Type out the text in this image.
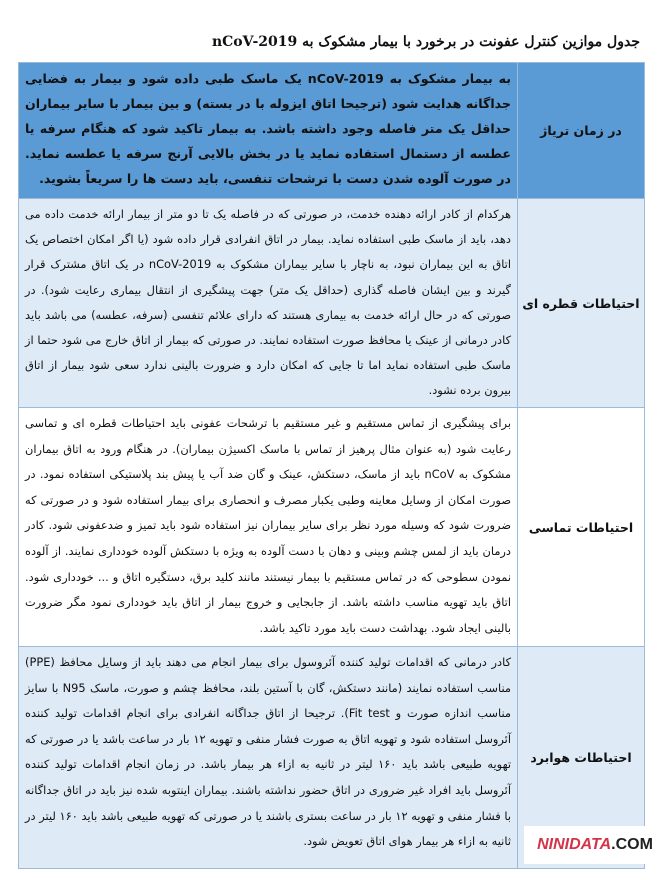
جدول موازین کنترل عفونت در برخورد با بیمار مشکوک به nCoV-2019
در زمان تریاژ	به بیمار مشکوک به nCoV-2019 یک ماسک طبی داده شود و بیمار به فضایی جداگانه هدایت شود (ترجیحا اتاق ایزوله با در بسته) و بین بیمار با سایر بیماران حداقل یک متر فاصله وجود داشته باشد. به بیمار تاکید شود که هنگام سرفه یا عطسه از دستمال استفاده نماید یا در بخش بالایی آرنج سرفه یا عطسه نماید. در صورت آلوده شدن دست با ترشحات تنفسی، باید دست ها را سریعاً بشوید.
احتیاطات قطره ای	هرکدام از کادر ارائه دهنده خدمت، در صورتی که در فاصله یک تا دو متر از بیمار ارائه خدمت داده می دهد، باید از ماسک طبی استفاده نماید. بیمار در اتاق انفرادی قرار داده شود (یا اگر امکان اختصاص یک اتاق به این بیماران نبود، به ناچار با سایر بیماران مشکوک به nCoV-2019 در یک اتاق مشترک قرار گیرند و بین ایشان فاصله گذاری (حداقل یک متر) جهت پیشگیری از انتقال بیماری رعایت شود). در صورتی که در حال ارائه خدمت به بیماری هستند که دارای علائم تنفسی (سرفه، عطسه) می باشد باید کادر درمانی از عینک یا محافظ صورت استفاده نمایند. در صورتی که بیمار از اتاق خارج می شود حتما از ماسک طبی استفاده نماید اما تا جایی که امکان دارد و ضرورت بالینی ندارد سعی شود بیمار از اتاق بیرون برده نشود.
احتیاطات تماسی	برای پیشگیری از تماس مستقیم و غیر مستقیم با ترشحات عفونی باید احتیاطات قطره ای و تماسی رعایت شود (به عنوان مثال پرهیز از تماس با ماسک اکسیژن بیماران). در هنگام ورود به اتاق بیماران مشکوک به nCoV باید از ماسک، دستکش، عینک و گان ضد آب یا پیش بند پلاستیکی استفاده نمود. در صورت امکان از وسایل معاینه وطبی یکبار مصرف و انحصاری برای بیمار استفاده شود و در صورتی که ضرورت شود که وسیله مورد نظر برای سایر بیماران نیز استفاده شود باید تمیز و ضدعفونی شود. کادر درمان باید از لمس چشم وبینی و دهان با دست آلوده به ویژه با دستکش آلوده خودداری نمایند. از آلوده نمودن سطوحی که در تماس مستقیم با بیمار نیستند مانند کلید برق، دستگیره اتاق و ... خودداری شود. اتاق باید تهویه مناسب داشته باشد. از جابجایی و خروج بیمار از اتاق باید خودداری نمود مگر ضرورت بالینی ایجاد شود. بهداشت دست باید مورد تاکید باشد.
احتیاطات هوابرد	کادر درمانی که اقدامات تولید کننده آئروسول برای بیمار انجام می دهند باید از وسایل محافظ (PPE) مناسب استفاده نمایند (مانند دستکش، گان با آستین بلند، محافظ چشم و صورت، ماسک N95 با سایز مناسب اندازه صورت و Fit test). ترجیحا از اتاق جداگانه انفرادی برای انجام اقدامات تولید کننده آئروسل استفاده شود و تهویه اتاق به صورت فشار منفی و تهویه ۱۲ بار در ساعت باشد یا در صورتی که تهویه طبیعی باشد باید ۱۶۰ لیتر در ثانیه به ازاء هر بیمار باشد. در زمان انجام اقدامات تولید کننده آئروسل باید افراد غیر ضروری در اتاق حضور نداشته باشند. بیماران اینتوبه شده نیز باید در اتاق جداگانه با فشار منفی و تهویه ۱۲ بار در ساعت بستری باشند یا در صورتی که تهویه طبیعی باشد باید ۱۶۰ لیتر در ثانیه به ازاء هر بیمار هوای اتاق تعویض شود. NINIDATA .COM
